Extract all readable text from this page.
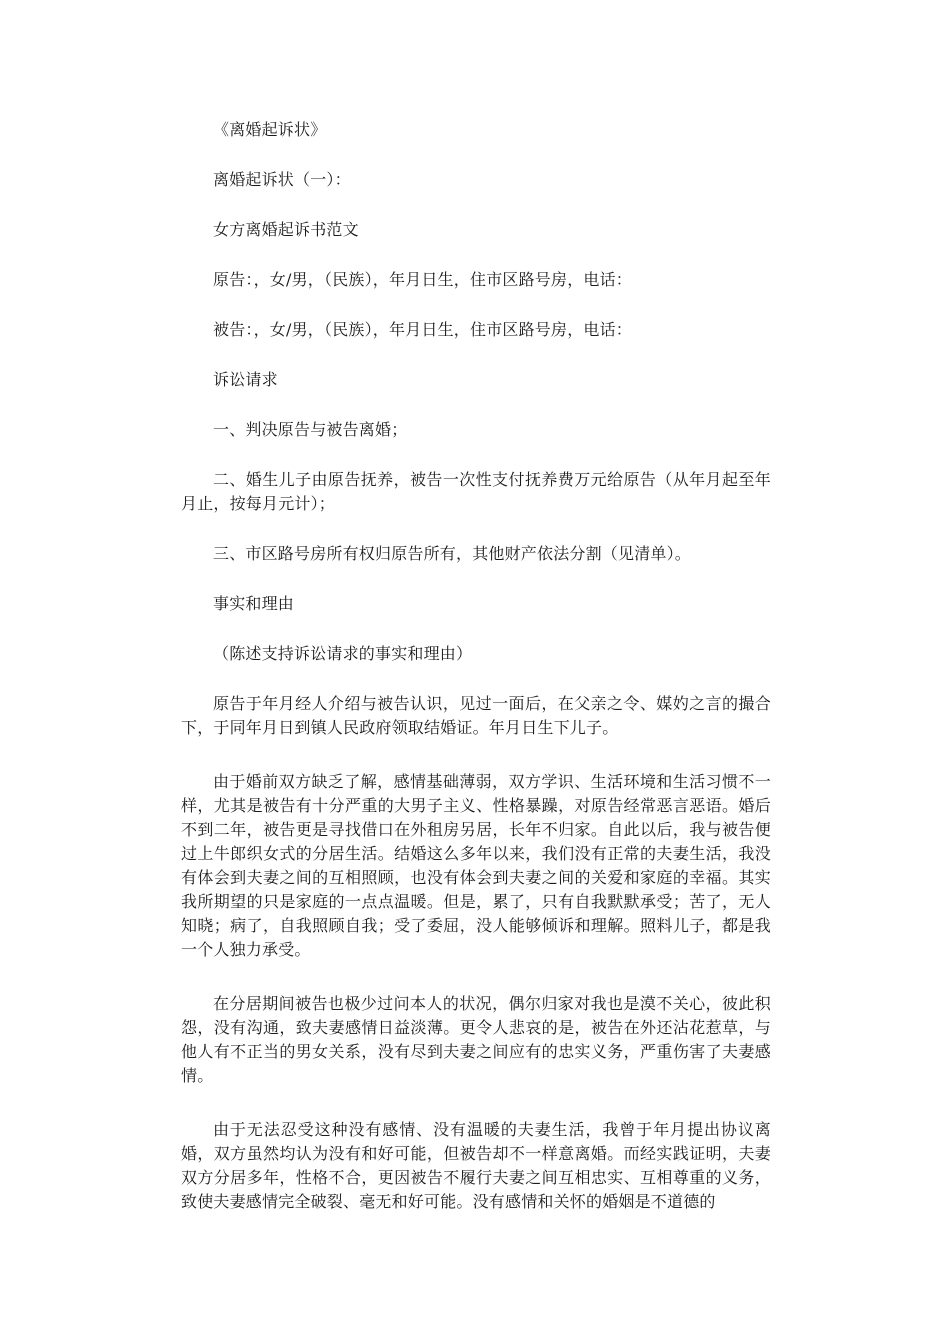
《离婚起诉状》

离婚起诉状（一）：

女方离婚起诉书范文

原告：，女/男，（民族），年月日生，住市区路号房，电话：

被告：，女/男，（民族），年月日生，住市区路号房，电话：

诉讼请求

一、判决原告与被告离婚；

二、婚生儿子由原告抚养，被告一次性支付抚养费万元给原告（从年月起至年月止，按每月元计）；

三、市区路号房所有权归原告所有，其他财产依法分割（见清单）。

事实和理由

（陈述支持诉讼请求的事实和理由）

原告于年月经人介绍与被告认识，见过一面后，在父亲之令、媒妁之言的撮合下，于同年月日到镇人民政府领取结婚证。年月日生下儿子。

由于婚前双方缺乏了解，感情基础薄弱，双方学识、生活环境和生活习惯不一样，尤其是被告有十分严重的大男子主义、性格暴躁，对原告经常恶言恶语。婚后不到二年，被告更是寻找借口在外租房另居，长年不归家。自此以后，我与被告便过上牛郎织女式的分居生活。结婚这么多年以来，我们没有正常的夫妻生活，我没有体会到夫妻之间的互相照顾，也没有体会到夫妻之间的关爱和家庭的幸福。其实我所期望的只是家庭的一点点温暖。但是，累了，只有自我默默承受；苦了，无人知晓；病了，自我照顾自我；受了委屈，没人能够倾诉和理解。照料儿子，都是我一个人独力承受。

在分居期间被告也极少过问本人的状况，偶尔归家对我也是漠不关心，彼此积怨，没有沟通，致夫妻感情日益淡薄。更令人悲哀的是，被告在外还沾花惹草，与他人有不正当的男女关系，没有尽到夫妻之间应有的忠实义务，严重伤害了夫妻感情。

由于无法忍受这种没有感情、没有温暖的夫妻生活，我曾于年月提出协议离婚，双方虽然均认为没有和好可能，但被告却不一样意离婚。而经实践证明，夫妻双方分居多年，性格不合，更因被告不履行夫妻之间互相忠实、互相尊重的义务，致使夫妻感情完全破裂、毫无和好可能。没有感情和关怀的婚姻是不道德的
